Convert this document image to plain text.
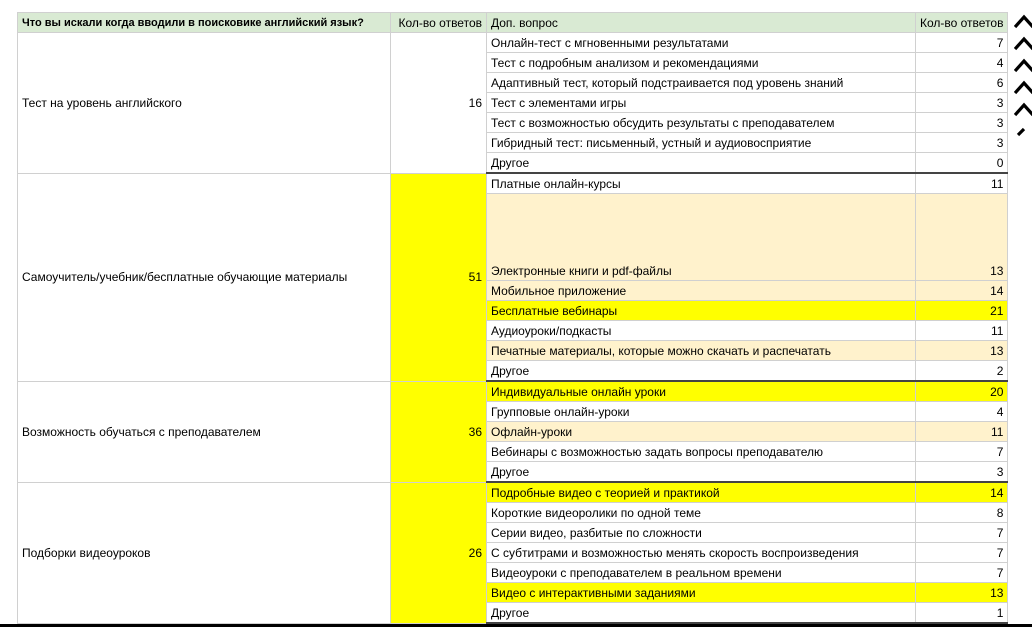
Что вы искали когда вводили в поисковике английский язык?	Кол-во ответов	Доп. вопрос	Кол-во ответов
Тест на уровень английского	16	Онлайн-тест с мгновенными результатами	7
		Тест с подробным анализом и рекомендациями	4
		Адаптивный тест, который подстраивается под уровень знаний	6
		Тест с элементами игры	3
		Тест с возможностью обсудить результаты с преподавателем	3
		Гибридный тест: письменный, устный и аудиовосприятие	3
		Другое	0
Самоучитель/учебник/бесплатные обучающие материалы	51	Платные онлайн-курсы	11
		Электронные книги и pdf-файлы	13
		Мобильное приложение	14
		Бесплатные вебинары	21
		Аудиоуроки/подкасты	11
		Печатные материалы, которые можно скачать и распечатать	13
		Другое	2
Возможность обучаться с преподавателем	36	Индивидуальные онлайн уроки	20
		Групповые онлайн-уроки	4
		Офлайн-уроки	11
		Вебинары с возможностью задать вопросы преподавателю	7
		Другое	3
Подборки видеоуроков	26	Подробные видео с теорией и практикой	14
		Короткие видеоролики по одной теме	8
		Серии видео, разбитые по сложности	7
		С субтитрами и возможностью менять скорость воспроизведения	7
		Видеоуроки с преподавателем в реальном времени	7
		Видео с интерактивными заданиями	13
		Другое	1
